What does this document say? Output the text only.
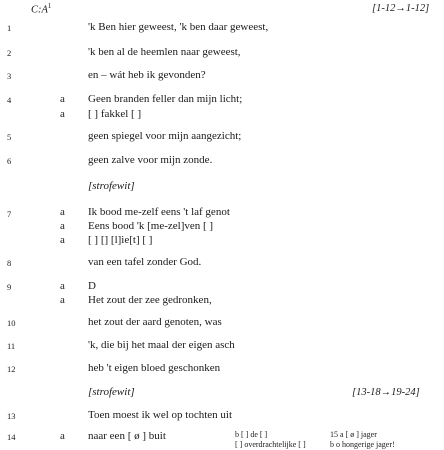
$C:A^1$	[1-12→1-12]
1	'k Ben hier geweest, 'k ben daar geweest,
2	'k ben al de heemlen naar geweest,
3	en – wát heb ik gevonden?
4	a Geen branden feller dan mijn licht;
a [ ] fakkel [ ]
5	geen spiegel voor mijn aangezicht;
6	geen zalve voor mijn zonde.
[strofewit]
7	a Ik bood me-zelf eens 't laf genot
a Eens bood 'k [me-zel]ven [ ]
a [ ] [] [l]ie[t] [ ]
8	van een tafel zonder God.
9	a D
a Het zout der zee gedronken,
10	het zout der aard genoten, was
11	'k, die bij het maal der eigen asch
12	heb 't eigen bloed geschonken
[strofewit]	[13-18→19-24]
13	Toen moest ik wel op tochten uit
14	a naar een [ ø ] buit	b [ ] de [ ]
[ ] overdrachtelijke [ ]
15 a [ ø ] jager
b o hongerige jager!
